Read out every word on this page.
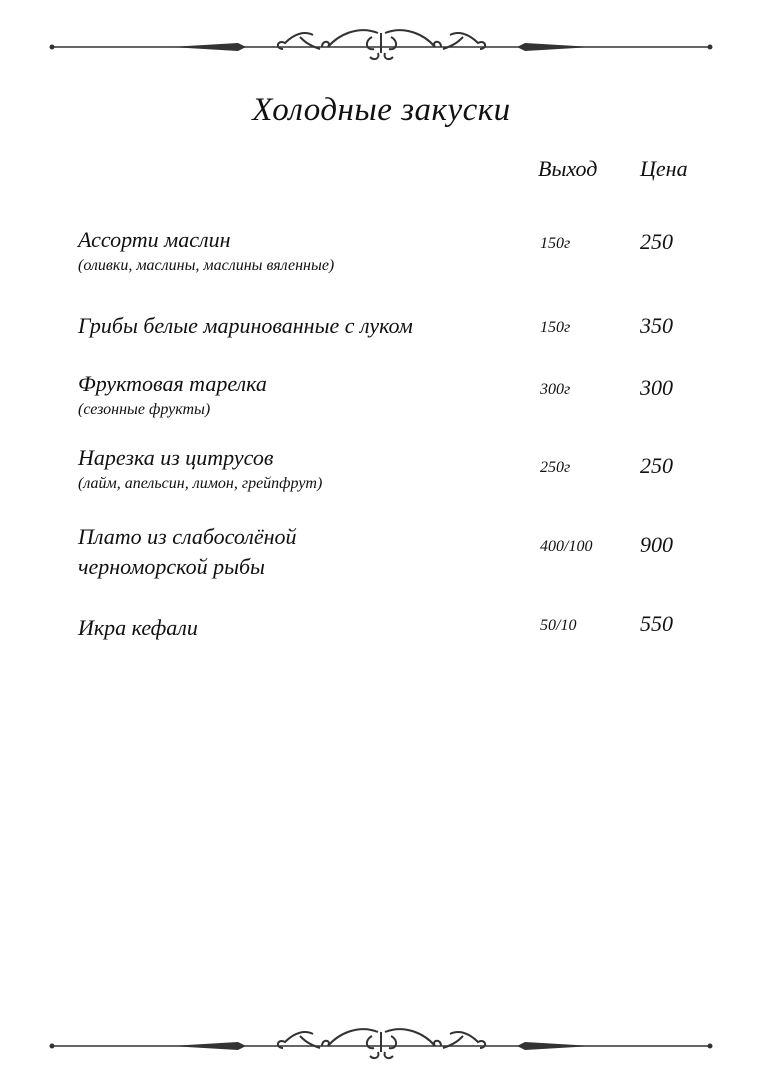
Холодные закуски
Выход Цена
Ассорти маслин
(оливки, маслины, маслины вяленные)
150г	250
Грибы белые маринованные с луком	150г	350
Фруктовая тарелка
(сезонные фрукты)
300г	300
Нарезка из цитрусов
(лайм, апельсин, лимон, грейпфрут)
250г	250
Плато из слабосолёной
черноморской рыбы
400/100 900
Икра кефали	50/10	550
